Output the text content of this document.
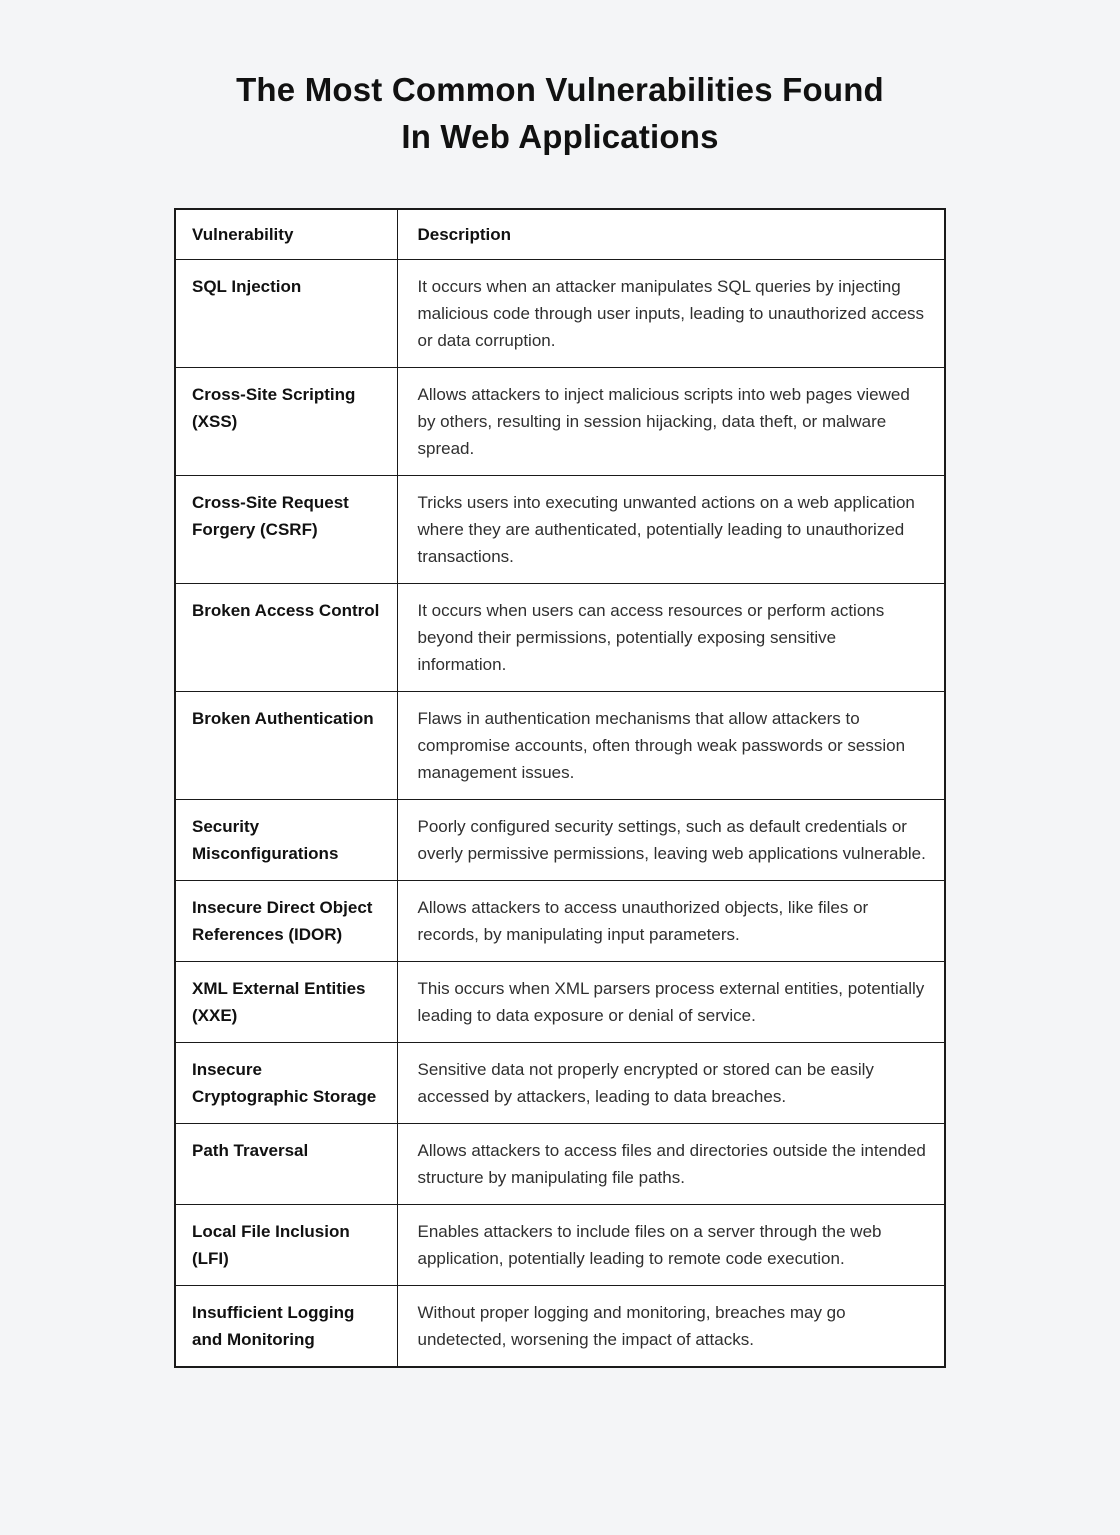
The Most Common Vulnerabilities Found
In Web Applications
Vulnerability	Description
SQL Injection	It occurs when an attacker manipulates SQL queries by injecting malicious code through user inputs, leading to unauthorized access or data corruption.
Cross-Site Scripting (XSS)	Allows attackers to inject malicious scripts into web pages viewed by others, resulting in session hijacking, data theft, or malware spread.
Cross-Site Request Forgery (CSRF)	Tricks users into executing unwanted actions on a web application where they are authenticated, potentially leading to unauthorized transactions.
Broken Access Control	It occurs when users can access resources or perform actions beyond their permissions, potentially exposing sensitive information.
Broken Authentication	Flaws in authentication mechanisms that allow attackers to compromise accounts, often through weak passwords or session management issues.
Security Misconfigurations	Poorly configured security settings, such as default credentials or overly permissive permissions, leaving web applications vulnerable.
Insecure Direct Object References (IDOR)	Allows attackers to access unauthorized objects, like files or records, by manipulating input parameters.
XML External Entities (XXE)	This occurs when XML parsers process external entities, potentially leading to data exposure or denial of service.
Insecure Cryptographic Storage	Sensitive data not properly encrypted or stored can be easily accessed by attackers, leading to data breaches.
Path Traversal	Allows attackers to access files and directories outside the intended structure by manipulating file paths.
Local File Inclusion (LFI)	Enables attackers to include files on a server through the web application, potentially leading to remote code execution.
Insufficient Logging and Monitoring	Without proper logging and monitoring, breaches may go undetected, worsening the impact of attacks.
